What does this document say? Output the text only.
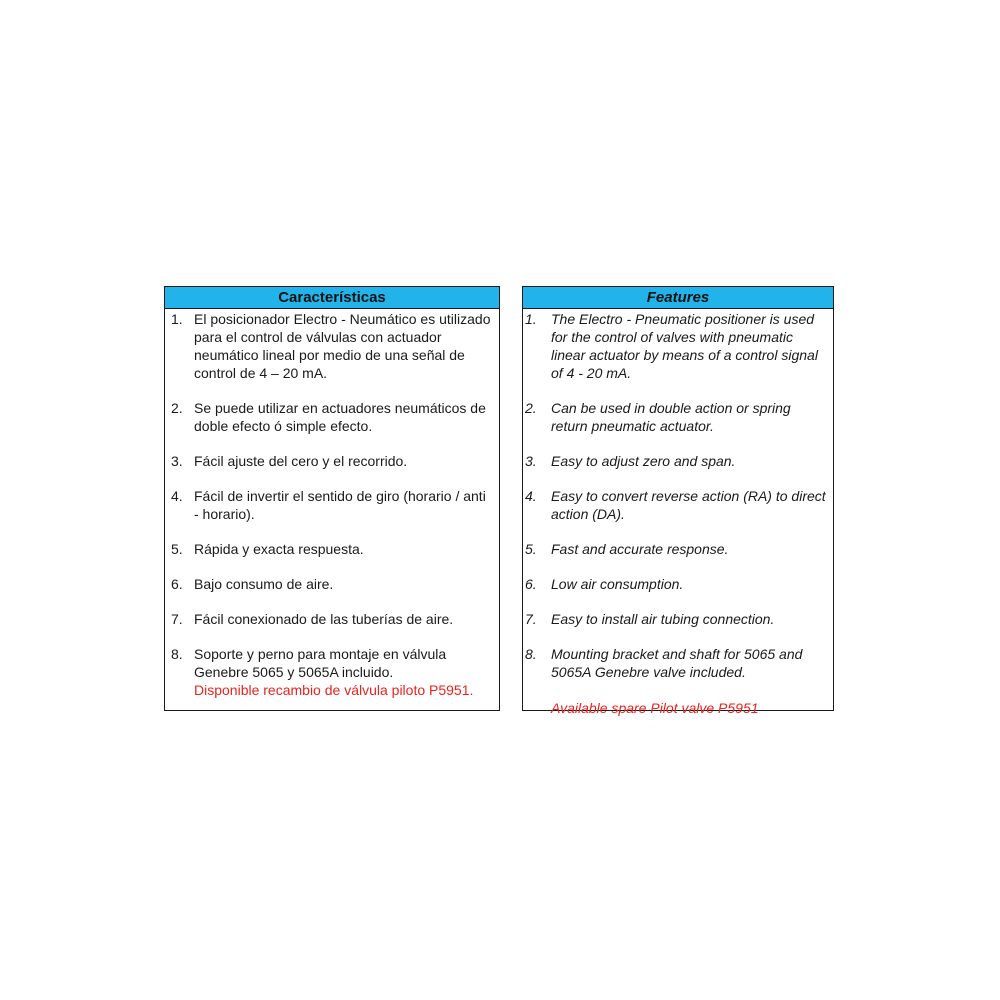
Características
1. El posicionador Electro - Neumático es utilizado para el control de válvulas con actuador neumático lineal por medio de una señal de control de 4 – 20 mA.
2. Se puede utilizar en actuadores neumáticos de doble efecto ó simple efecto.
3. Fácil ajuste del cero y el recorrido.
4. Fácil de invertir el sentido de giro (horario / anti - horario).
5. Rápida y exacta respuesta.
6. Bajo consumo de aire.
7. Fácil conexionado de las tuberías de aire.
8. Soporte y perno para montaje en válvula Genebre 5065 y 5065A incluido.
Disponible recambio de válvula piloto P5951.
Features
1. The Electro - Pneumatic positioner is used for the control of valves with pneumatic linear actuator by means of a control signal of 4 - 20 mA.
2. Can be used in double action or spring return pneumatic actuator.
3. Easy to adjust zero and span.
4. Easy to convert reverse action (RA) to direct action (DA).
5. Fast and accurate response.
6. Low air consumption.
7. Easy to install air tubing connection.
8. Mounting bracket and shaft for 5065 and 5065A Genebre valve included.
Available spare Pilot valve P5951
